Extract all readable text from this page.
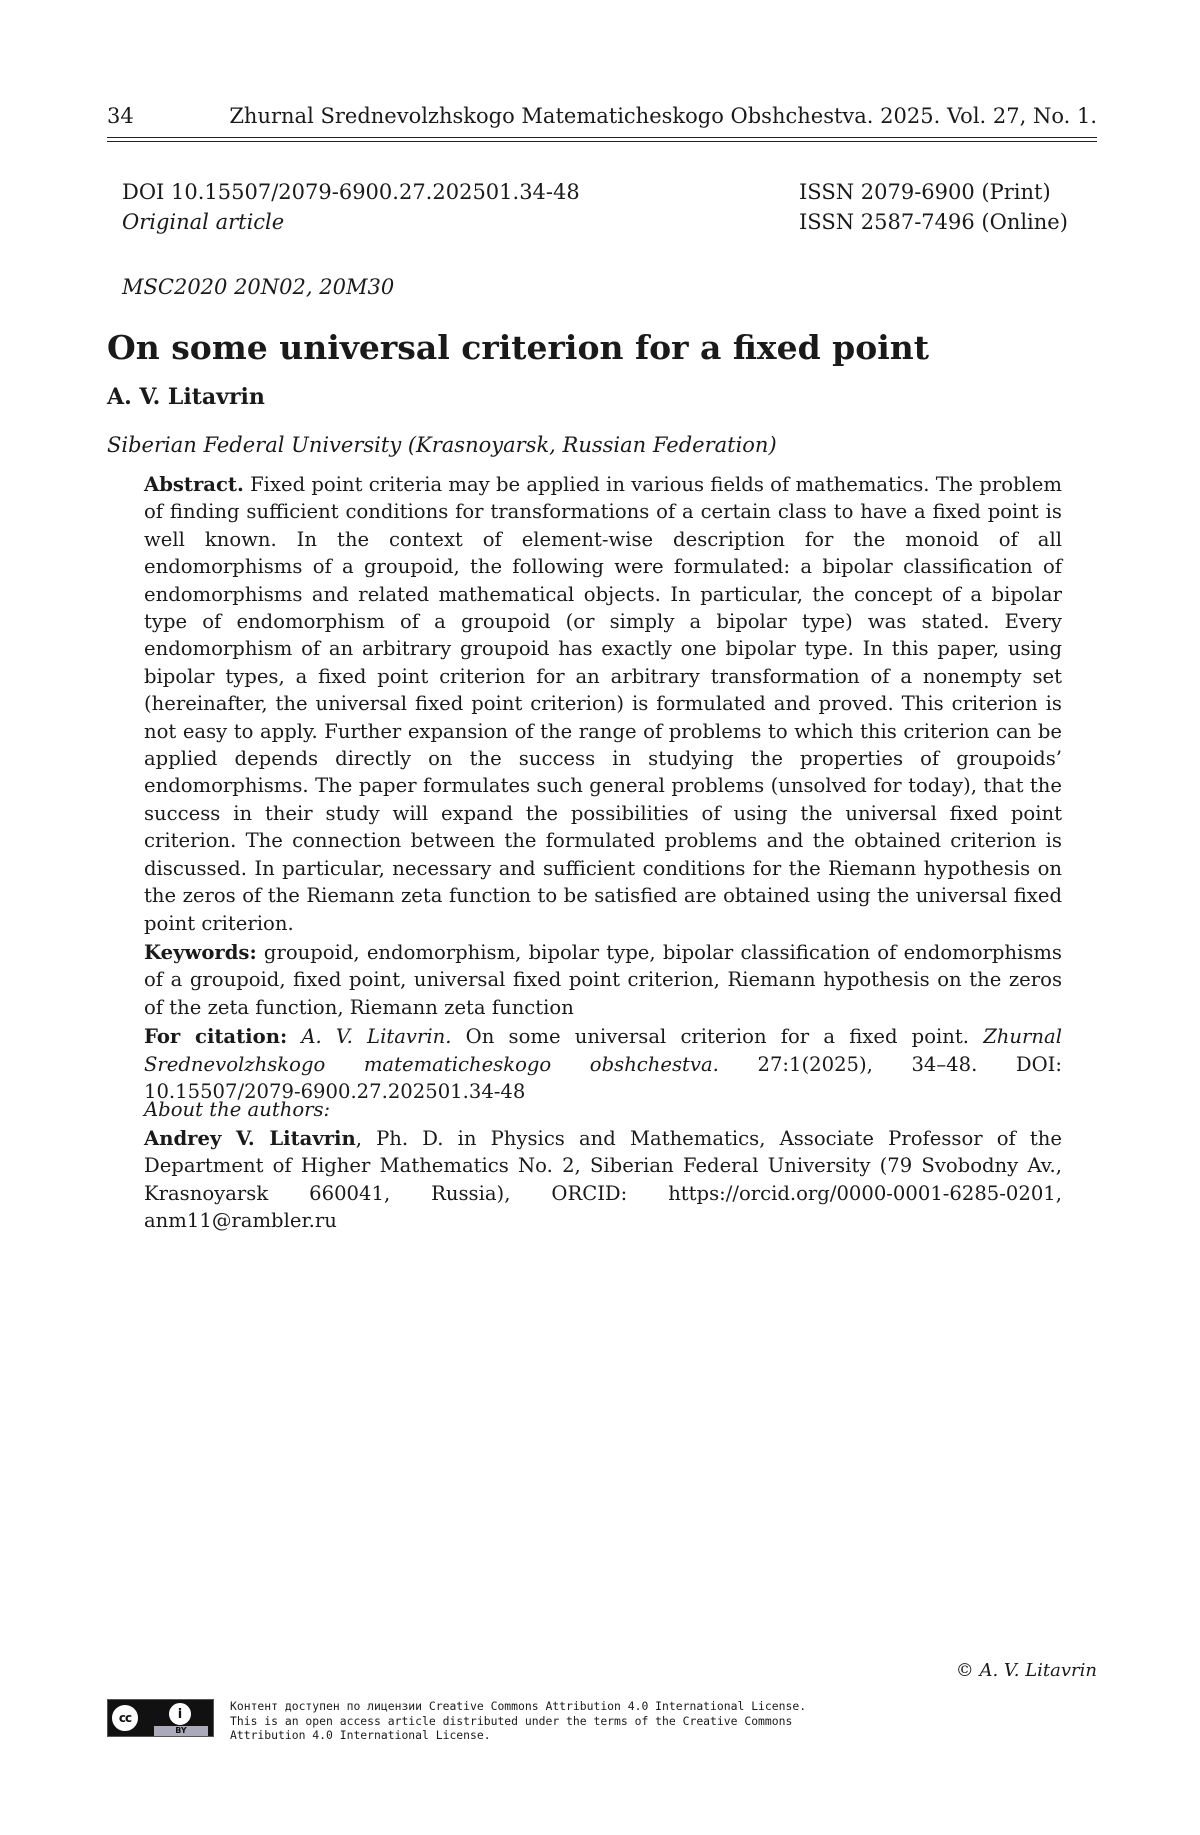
34	Zhurnal Srednevolzhskogo Matematicheskogo Obshchestva. 2025. Vol. 27, No. 1.
DOI 10.15507/2079-6900.27.202501.34-48
Original article
ISSN 2079-6900 (Print)
ISSN 2587-7496 (Online)
MSC2020 20N02, 20M30
On some universal criterion for a fixed point
A. V. Litavrin
Siberian Federal University (Krasnoyarsk, Russian Federation)

Abstract. Fixed point criteria may be applied in various fields of mathematics. The problem of finding sufficient conditions for transformations of a certain class to have a fixed point is well known. In the context of element-wise description for the monoid of all endomorphisms of a groupoid, the following were formulated: a bipolar classification of endomorphisms and related mathematical objects. In particular, the concept of a bipolar type of endomorphism of a groupoid (or simply a bipolar type) was stated. Every endomorphism of an arbitrary groupoid has exactly one bipolar type. In this paper, using bipolar types, a fixed point criterion for an arbitrary transformation of a nonempty set (hereinafter, the universal fixed point criterion) is formulated and proved. This criterion is not easy to apply. Further expansion of the range of problems to which this criterion can be applied depends directly on the success in studying the properties of groupoids’ endomorphisms. The paper formulates such general problems (unsolved for today), that the success in their study will expand the possibilities of using the universal fixed point criterion. The connection between the formulated problems and the obtained criterion is discussed. In particular, necessary and sufficient conditions for the Riemann hypothesis on the zeros of the Riemann zeta function to be satisfied are obtained using the universal fixed point criterion.

Keywords: groupoid, endomorphism, bipolar type, bipolar classification of endomorphisms of a groupoid, fixed point, universal fixed point criterion, Riemann hypothesis on the zeros of the zeta function, Riemann zeta function

For citation: A. V. Litavrin. On some universal criterion for a fixed point. Zhurnal Srednevolzhskogo matematicheskogo obshchestva. 27:1(2025), 34–48. DOI: 10.15507/2079-6900.27.202501.34-48

About the authors:

Andrey V. Litavrin, Ph. D. in Physics and Mathematics, Associate Professor of the Department of Higher Mathematics No. 2, Siberian Federal University (79 Svobodny Av., Krasnoyarsk 660041, Russia), ORCID: https://orcid.org/0000-0001-6285-0201, anm11@rambler.ru

© A. V. Litavrin
cc	i
BY
Контент доступен по лицензии Creative Commons Attribution 4.0 International License.
This is an open access article distributed under the terms of the Creative Commons
Attribution 4.0 International License.
